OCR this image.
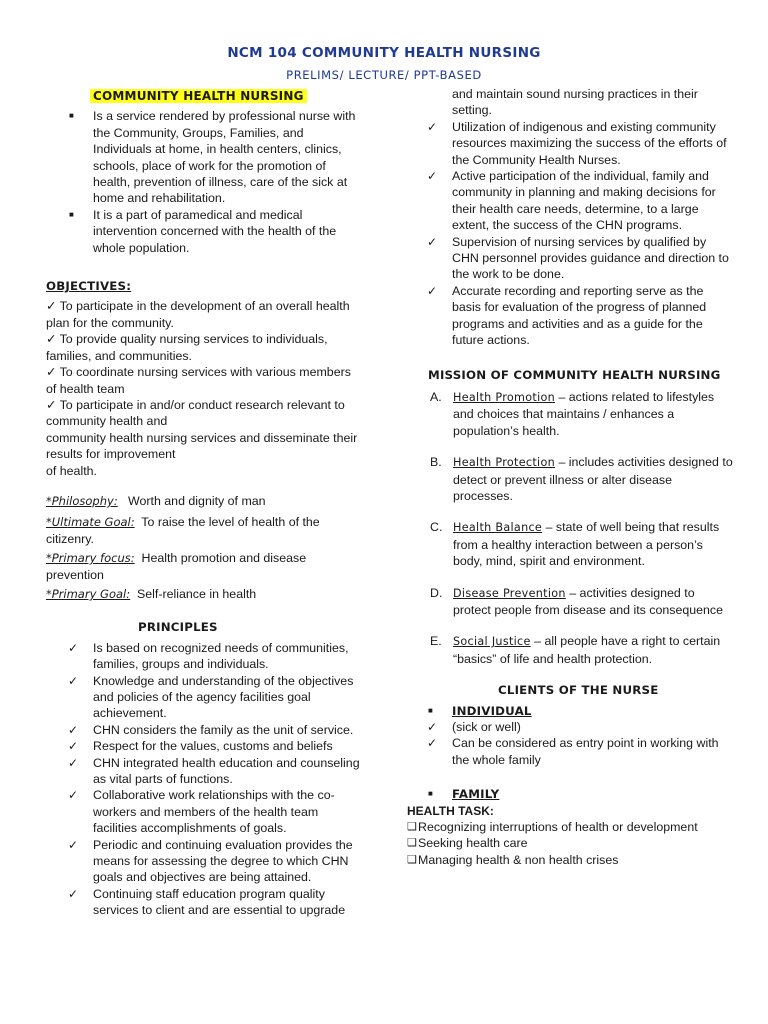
NCM 104 COMMUNITY HEALTH NURSING
PRELIMS/ LECTURE/ PPT-BASED
COMMUNITY HEALTH NURSING
■ Is a service rendered by professional nurse with the Community, Groups, Families, and Individuals at home, in health centers, clinics, schools, place of work for the promotion of health, prevention of illness, care of the sick at home and rehabilitation.
■ It is a part of paramedical and medical intervention concerned with the health of the whole population.
OBJECTIVES:

✓ To participate in the development of an overall health plan for the community.

✓ To provide quality nursing services to individuals, families, and communities.

✓ To coordinate nursing services with various members of health team

✓ To participate in and/or conduct research relevant to community health and

community health nursing services and disseminate their results for improvement

of health.

*Philosophy: Worth and dignity of man

*Ultimate Goal: To raise the level of health of the citizenry.

*Primary focus: Health promotion and disease prevention

*Primary Goal: Self-reliance in health

PRINCIPLES
✓ Is based on recognized needs of communities, families, groups and individuals.
✓ Knowledge and understanding of the objectives and policies of the agency facilities goal achievement.
✓ CHN considers the family as the unit of service.
✓ Respect for the values, customs and beliefs
✓ CHN integrated health education and counseling as vital parts of functions.
✓ Collaborative work relationships with the co-workers and members of the health team facilities accomplishments of goals.
✓ Periodic and continuing evaluation provides the means for assessing the degree to which CHN goals and objectives are being attained.
✓ Continuing staff education program quality services to client and are essential to upgrade

and maintain sound nursing practices in their setting.

✓ Utilization of indigenous and existing community resources maximizing the success of the efforts of the Community Health Nurses.
✓ Active participation of the individual, family and community in planning and making decisions for their health care needs, determine, to a large extent, the success of the CHN programs.
✓ Supervision of nursing services by qualified by CHN personnel provides guidance and direction to the work to be done.
✓ Accurate recording and reporting serve as the basis for evaluation of the progress of planned programs and activities and as a guide for the future actions.
MISSION OF COMMUNITY HEALTH NURSING
A. Health Promotion – actions related to lifestyles and choices that maintains / enhances a population’s health.
B. Health Protection – includes activities designed to detect or prevent illness or alter disease processes.
C. Health Balance – state of well being that results from a healthy interaction between a person’s body, mind, spirit and environment.
D. Disease Prevention – activities designed to protect people from disease and its consequence
E. Social Justice – all people have a right to certain “basics” of life and health protection.
CLIENTS OF THE NURSE
■ INDIVIDUAL
✓ (sick or well)
✓ Can be considered as entry point in working with the whole family
■ FAMILY
HEALTH TASK:
❑ Recognizing interruptions of health or development
❑ Seeking health care
❑ Managing health & non health crises
